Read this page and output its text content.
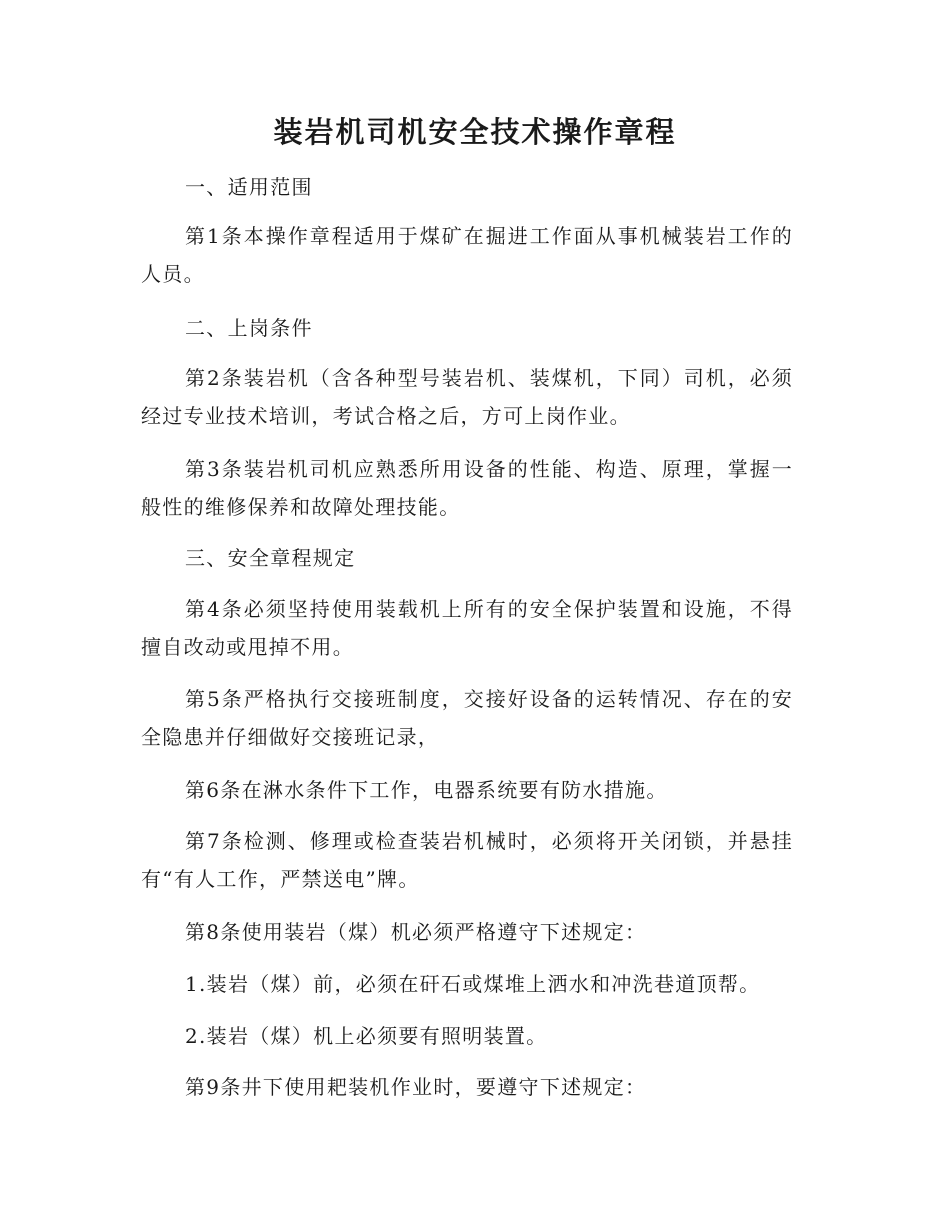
装岩机司机安全技术操作章程

一、适用范围

第1条本操作章程适用于煤矿在掘进工作面从事机械装岩工作的人员。

二、上岗条件

第2条装岩机（含各种型号装岩机、装煤机，下同）司机，必须经过专业技术培训，考试合格之后，方可上岗作业。

第3条装岩机司机应熟悉所用设备的性能、构造、原理，掌握一般性的维修保养和故障处理技能。

三、安全章程规定

第4条必须坚持使用装载机上所有的安全保护装置和设施，不得擅自改动或甩掉不用。

第5条严格执行交接班制度，交接好设备的运转情况、存在的安全隐患并仔细做好交接班记录，

第6条在淋水条件下工作，电器系统要有防水措施。

第7条检测、修理或检查装岩机械时，必须将开关闭锁，并悬挂有“有人工作，严禁送电”牌。

第8条使用装岩（煤）机必须严格遵守下述规定：

1.装岩（煤）前，必须在矸石或煤堆上洒水和冲洗巷道顶帮。

2.装岩（煤）机上必须要有照明装置。

第9条井下使用耙装机作业时，要遵守下述规定：
